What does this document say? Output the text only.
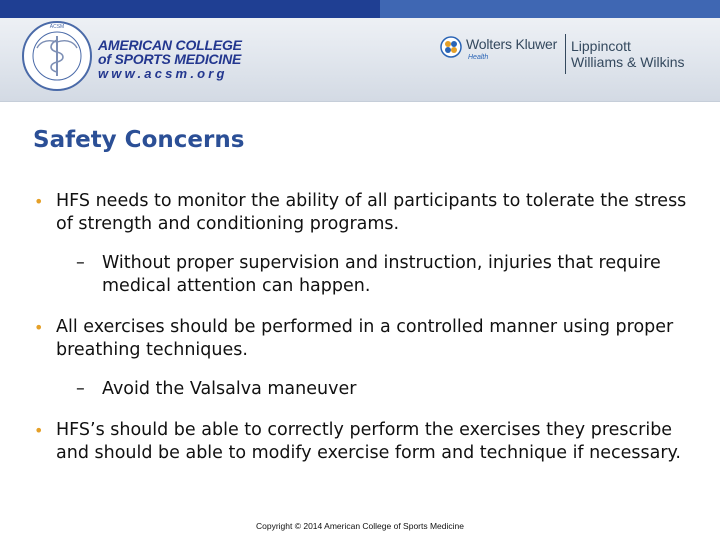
ACSM
AMERICAN COLLEGE
of SPORTS MEDICINE
www.acsm.org
Wolters Kluwer
Health
Lippincott
Williams & Wilkins
Safety Concerns
• HFS needs to monitor the ability of all participants to tolerate the stress of strength and conditioning programs.
– Without proper supervision and instruction, injuries that require medical attention can happen.
• All exercises should be performed in a controlled manner using proper breathing techniques.
– Avoid the Valsalva maneuver
• HFS’s should be able to correctly perform the exercises they prescribe and should be able to modify exercise form and technique if necessary.
Copyright © 2014 American College of Sports Medicine
